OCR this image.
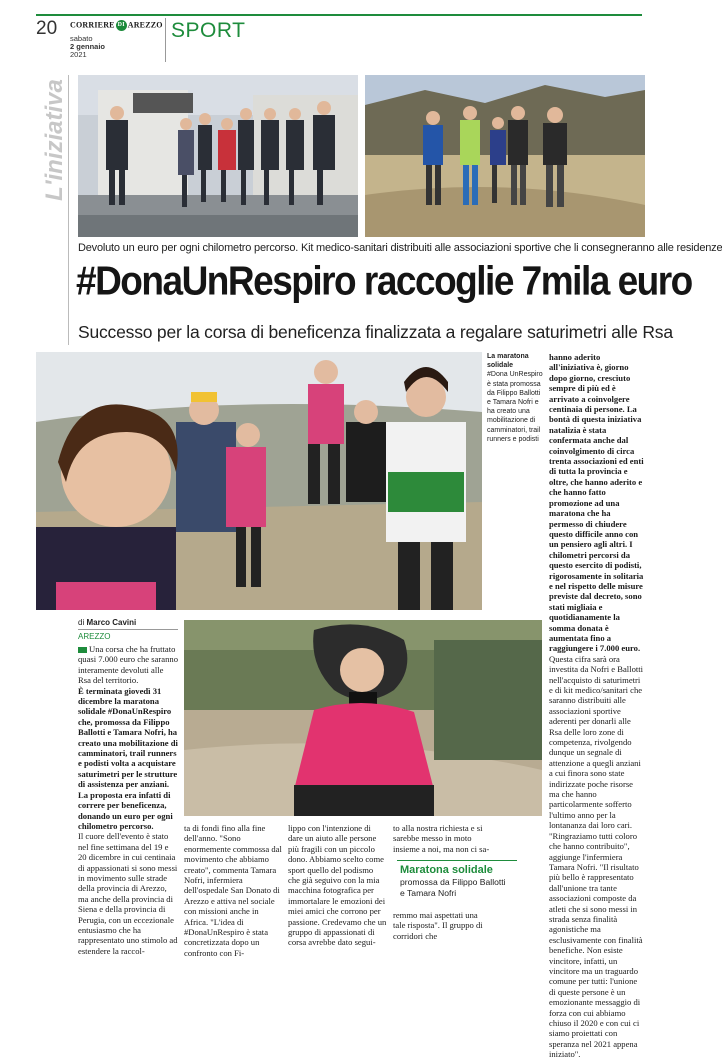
20 CORRIERE DI AREZZO
sabato
2 gennaio
2021
SPORT
L'iniziativa
Devoluto un euro per ogni chilometro percorso. Kit medico-sanitari distribuiti alle associazioni sportive che li consegneranno alle residenze
#DonaUnRespiro raccoglie 7mila euro
Successo per la corsa di beneficenza finalizzata a regalare saturimetri alle Rsa
La maratona solidale
#Dona UnRespiro è stata promossa da Filippo Ballotti e Tamara Nofri e ha creato una mobilitazione di camminatori, trail runners e podisti

hanno aderito all'iniziativa è, giorno dopo giorno, cresciuto sempre di più ed è arrivato a coinvolgere centinaia di persone. La bontà di questa iniziativa natalizia è stata confermata anche dal coinvolgimento di circa trenta associazioni ed enti di tutta la provincia e oltre, che hanno aderito e che hanno fatto promozione ad una maratona che ha permesso di chiudere questo difficile anno con un pensiero agli altri. I chilometri percorsi da questo esercito di podisti, rigorosamente in solitaria e nel rispetto delle misure previste dal decreto, sono stati migliaia e quotidianamente la somma donata è aumentata fino a raggiungere i 7.000 euro.

Questa cifra sarà ora investita da Nofri e Ballotti nell'acquisto di saturimetri e di kit medico/sanitari che saranno distribuiti alle associazioni sportive aderenti per donarli alle Rsa delle loro zone di competenza, rivolgendo dunque un segnale di attenzione a quegli anziani a cui finora sono state indirizzate poche risorse ma che hanno particolarmente sofferto l'ultimo anno per la lontananza dai loro cari. "Ringraziamo tutti coloro che hanno contribuito", aggiunge l'infermiera Tamara Nofri. "Il risultato più bello è rappresentato dall'unione tra tante associazioni composte da atleti che si sono messi in strada senza finalità agonistiche ma esclusivamente con finalità benefiche. Non esiste vincitore, infatti, un vincitore ma un traguardo comune per tutti: l'unione di queste persone è un emozionante messaggio di forza con cui abbiamo chiuso il 2020 e con cui ci siamo proiettati con speranza nel 2021 appena iniziato".

di Marco Cavini
AREZZO

Una corsa che ha fruttato quasi 7.000 euro che saranno interamente devoluti alle Rsa del territorio.

È terminata giovedì 31 dicembre la maratona solidale #DonaUnRespiro che, promossa da Filippo Ballotti e Tamara Nofri, ha creato una mobilitazione di camminatori, trail runners e podisti volta a acquistare saturimetri per le strutture di assistenza per anziani. La proposta era infatti di correre per beneficenza, donando un euro per ogni chilometro percorso.

Il cuore dell'evento è stato nel fine settimana del 19 e 20 dicembre in cui centinaia di appassionati si sono messi in movimento sulle strade della provincia di Arezzo, ma anche della provincia di Siena e della provincia di Perugia, con un eccezionale entusiasmo che ha rappresentato uno stimolo ad estendere la raccol-

ta di fondi fino alla fine dell'anno. "Sono enormemente commossa dal movimento che abbiamo creato", commenta Tamara Nofri, infermiera dell'ospedale San Donato di Arezzo e attiva nel sociale con missioni anche in Africa. "L'idea di #DonaUnRespiro è stata concretizzata dopo un confronto con Fi-
lippo con l'intenzione di dare un aiuto alle persone più fragili con un piccolo dono. Abbiamo scelto come sport quello del podismo che già seguivo con la mia macchina fotografica per immortalare le emozioni dei miei amici che corrono per passione. Credevamo che un gruppo di appassionati di corsa avrebbe dato segui-
to alla nostra richiesta e si sarebbe messo in moto insieme a noi, ma non ci sa-
Maratona solidale
promossa da Filippo Ballotti e Tamara Nofri
remmo mai aspettati una tale risposta". Il gruppo di corridori che
